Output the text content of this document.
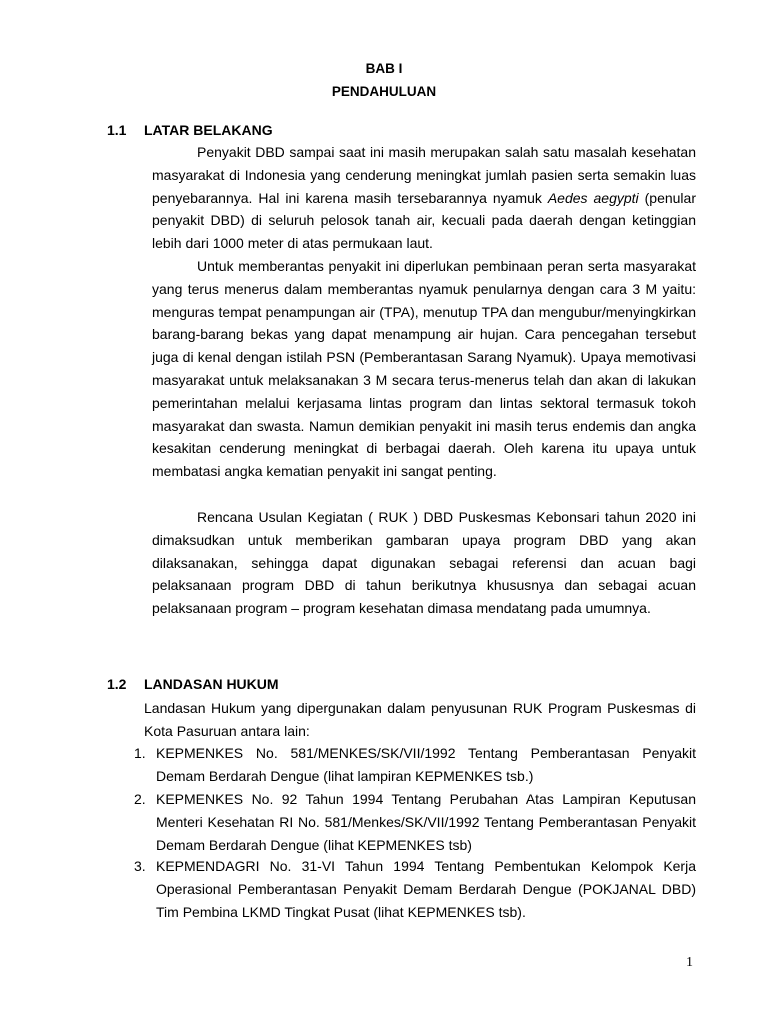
BAB I
PENDAHULUAN
1.1 LATAR BELAKANG

Penyakit DBD sampai saat ini masih merupakan salah satu masalah kesehatan masyarakat di Indonesia yang cenderung meningkat jumlah pasien serta semakin luas penyebarannya. Hal ini karena masih tersebarannya nyamuk Aedes aegypti (penular penyakit DBD) di seluruh pelosok tanah air, kecuali pada daerah dengan ketinggian lebih dari 1000 meter di atas permukaan laut.

Untuk memberantas penyakit ini diperlukan pembinaan peran serta masyarakat yang terus menerus dalam memberantas nyamuk penularnya dengan cara 3 M yaitu: menguras tempat penampungan air (TPA), menutup TPA dan mengubur/menyingkirkan barang-barang bekas yang dapat menampung air hujan. Cara pencegahan tersebut juga di kenal dengan istilah PSN (Pemberantasan Sarang Nyamuk). Upaya memotivasi masyarakat untuk melaksanakan 3 M secara terus-menerus telah dan akan di lakukan pemerintahan melalui kerjasama lintas program dan lintas sektoral termasuk tokoh masyarakat dan swasta. Namun demikian penyakit ini masih terus endemis dan angka kesakitan cenderung meningkat di berbagai daerah. Oleh karena itu upaya untuk membatasi angka kematian penyakit ini sangat penting.

Rencana Usulan Kegiatan ( RUK ) DBD Puskesmas Kebonsari tahun 2020 ini dimaksudkan untuk memberikan gambaran upaya program DBD yang akan dilaksanakan, sehingga dapat digunakan sebagai referensi dan acuan bagi pelaksanaan program DBD di tahun berikutnya khususnya dan sebagai acuan pelaksanaan program – program kesehatan dimasa mendatang pada umumnya.

1.2 LANDASAN HUKUM

Landasan Hukum yang dipergunakan dalam penyusunan RUK Program Puskesmas di Kota Pasuruan antara lain:

1. KEPMENKES No. 581/MENKES/SK/VII/1992 Tentang Pemberantasan Penyakit Demam Berdarah Dengue (lihat lampiran KEPMENKES tsb.)
2. KEPMENKES No. 92 Tahun 1994 Tentang Perubahan Atas Lampiran Keputusan Menteri Kesehatan RI No. 581/Menkes/SK/VII/1992 Tentang Pemberantasan Penyakit Demam Berdarah Dengue (lihat KEPMENKES tsb)
3. KEPMENDAGRI No. 31-VI Tahun 1994 Tentang Pembentukan Kelompok Kerja Operasional Pemberantasan Penyakit Demam Berdarah Dengue (POKJANAL DBD) Tim Pembina LKMD Tingkat Pusat (lihat KEPMENKES tsb).
1
